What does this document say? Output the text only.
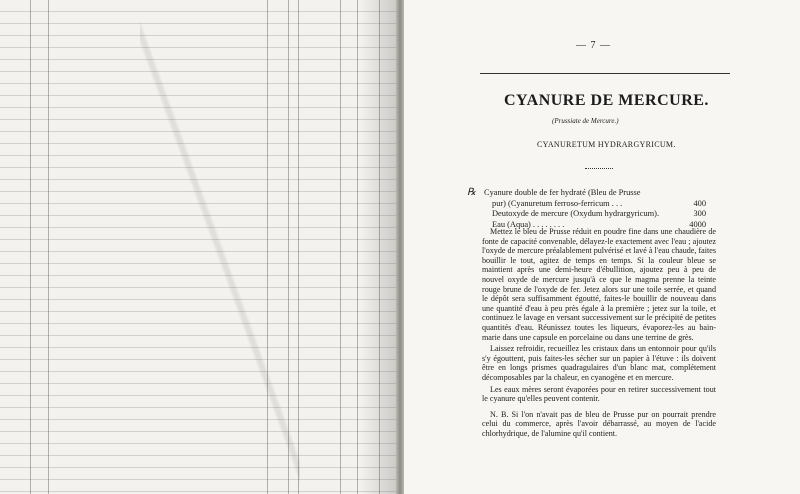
— 7 —
CYANURE DE MERCURE.
(Prussiate de Mercure.)
CYANURETUM HYDRARGYRICUM.
℞ Cyanure double de fer hydraté (Bleu de Prusse
pur) (Cyanuretum ferroso-ferricum . . .	400
Deutoxyde de mercure (Oxydum hydrargyricum).	300
Eau (Aqua) . . . . . . . .	4000

Mettez le bleu de Prusse réduit en poudre fine dans une chaudière de fonte de capacité convenable, délayez-le exactement avec l'eau ; ajoutez l'oxyde de mercure préalablement pulvérisé et lavé à l'eau chaude, faites bouillir le tout, agitez de temps en temps. Si la couleur bleue se maintient après une demi-heure d'ébullition, ajoutez peu à peu de nouvel oxyde de mercure jusqu'à ce que le magma prenne la teinte rouge brune de l'oxyde de fer. Jetez alors sur une toile serrée, et quand le dépôt sera suffisamment égoutté, faites-le bouillir de nouveau dans une quantité d'eau à peu près égale à la première ; jetez sur la toile, et continuez le lavage en versant successivement sur le précipité de petites quantités d'eau. Réunissez toutes les liqueurs, évaporez-les au bain-marie dans une capsule en porcelaine ou dans une terrine de grès.

Laissez refroidir, recueillez les cristaux dans un entonnoir pour qu'ils s'y égouttent, puis faites-les sécher sur un papier à l'étuve : ils doivent être en longs prismes quadragulaires d'un blanc mat, complétement décomposables par la chaleur, en cyanogène et en mercure.

Les eaux mères seront évaporées pour en retirer successivement tout le cyanure qu'elles peuvent contenir.

N. B. Si l'on n'avait pas de bleu de Prusse pur on pourrait prendre celui du commerce, après l'avoir débarrassé, au moyen de l'acide chlorhydrique, de l'alumine qu'il contient.
